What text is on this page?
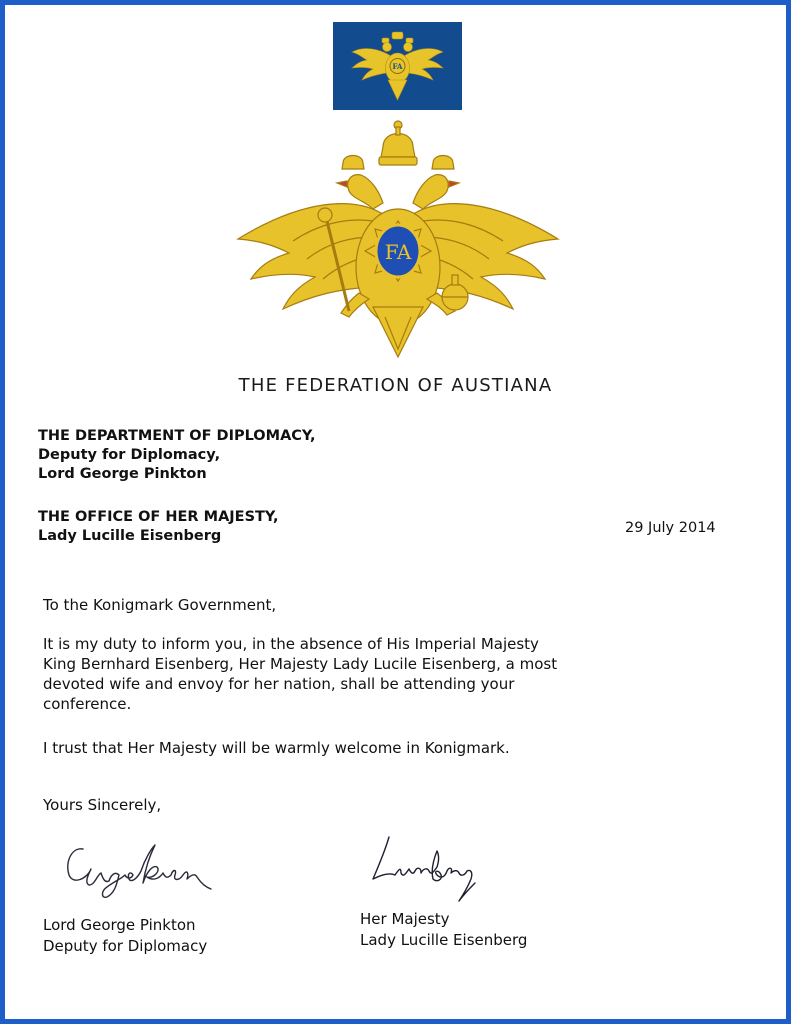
FA
FA
THE FEDERATION OF AUSTIANA
THE DEPARTMENT OF DIPLOMACY,
Deputy for Diplomacy,
Lord George Pinkton
THE OFFICE OF HER MAJESTY,
Lady Lucille Eisenberg	29 July 2014
To the Konigmark Government,
It is my duty to inform you, in the absence of His Imperial Majesty
King Bernhard Eisenberg, Her Majesty Lady Lucile Eisenberg, a most
devoted wife and envoy for her nation, shall be attending your
conference.
I trust that Her Majesty will be warmly welcome in Konigmark.
Yours Sincerely,
Lord George Pinkton
Deputy for Diplomacy
Her Majesty
Lady Lucille Eisenberg
